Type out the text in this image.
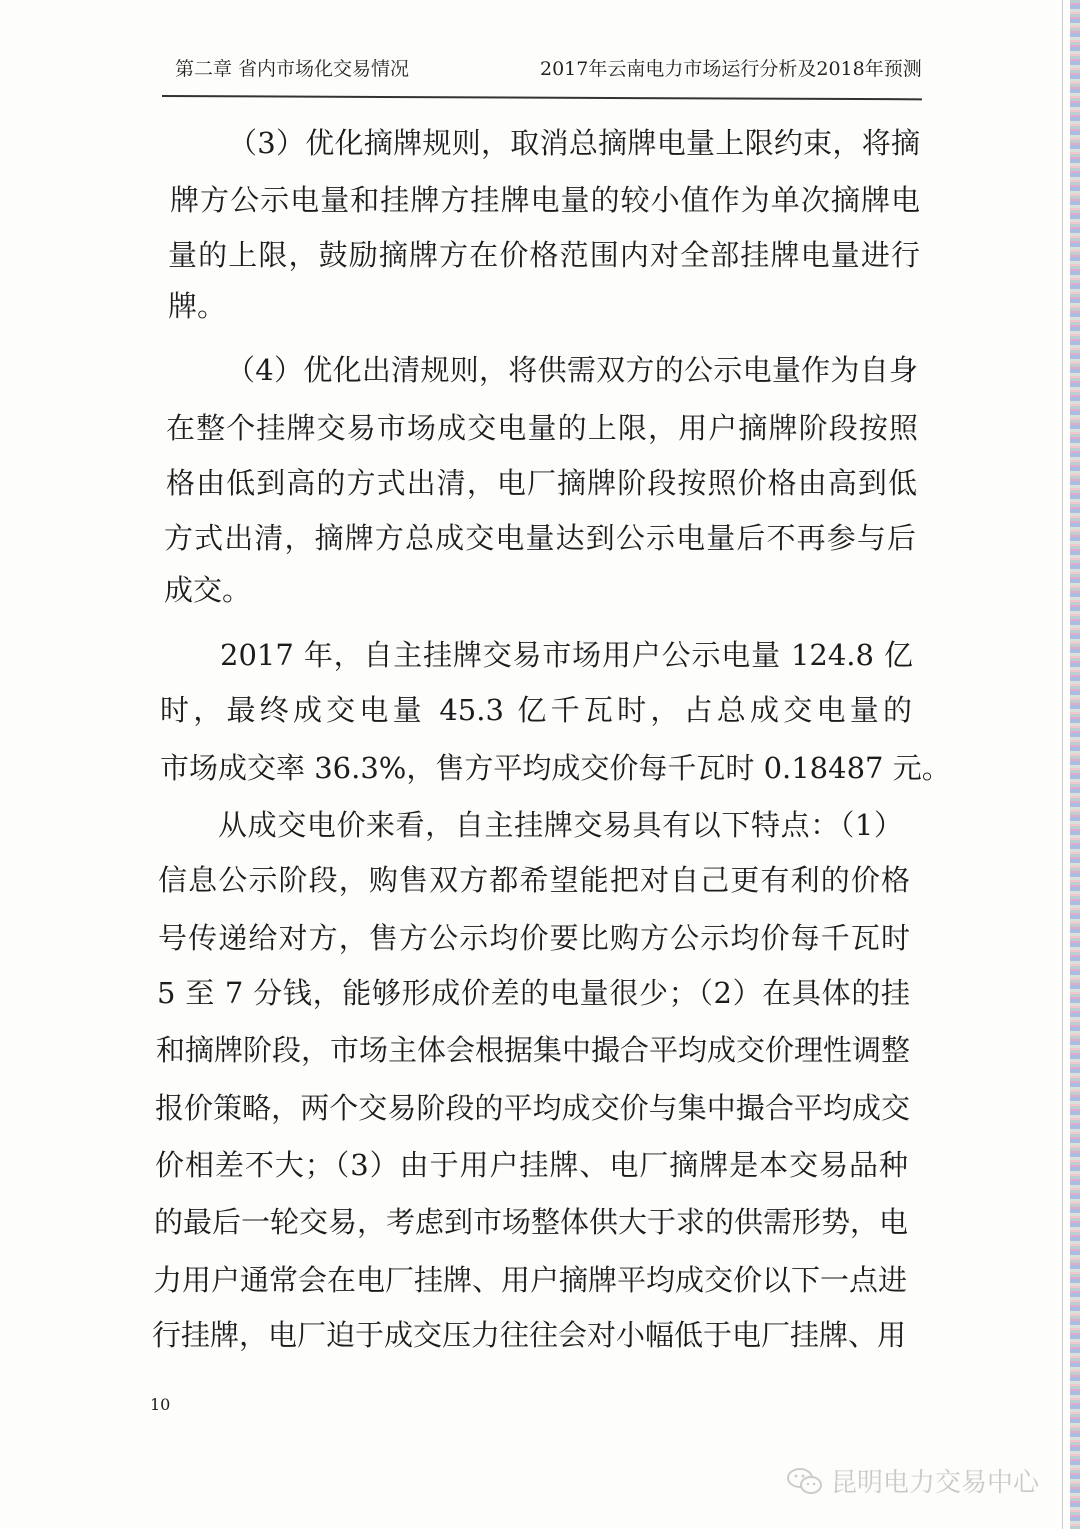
第二章 省内市场化交易情况	2017年云南电力市场运行分析及2018年预测
（3）优化摘牌规则，取消总摘牌电量上限约束，将摘
牌方公示电量和挂牌方挂牌电量的较小值作为单次摘牌电
量的上限，鼓励摘牌方在价格范围内对全部挂牌电量进行
牌。
（4）优化出清规则，将供需双方的公示电量作为自身
在整个挂牌交易市场成交电量的上限，用户摘牌阶段按照
格由低到高的方式出清，电厂摘牌阶段按照价格由高到低
方式出清，摘牌方总成交电量达到公示电量后不再参与后
成交。
2017 年，自主挂牌交易市场用户公示电量 124.8 亿
时，最终成交电量 45.3 亿千瓦时，占总成交电量的
市场成交率 36.3%，售方平均成交价每千瓦时 0.18487 元。
从成交电价来看，自主挂牌交易具有以下特点：（1）
信息公示阶段，购售双方都希望能把对自己更有利的价格
号传递给对方，售方公示均价要比购方公示均价每千瓦时
5 至 7 分钱，能够形成价差的电量很少；（2）在具体的挂
和摘牌阶段，市场主体会根据集中撮合平均成交价理性调整
报价策略，两个交易阶段的平均成交价与集中撮合平均成交
价相差不大；（3）由于用户挂牌、电厂摘牌是本交易品种
的最后一轮交易，考虑到市场整体供大于求的供需形势，电
力用户通常会在电厂挂牌、用户摘牌平均成交价以下一点进
行挂牌，电厂迫于成交压力往往会对小幅低于电厂挂牌、用
10
昆明电力交易中心
